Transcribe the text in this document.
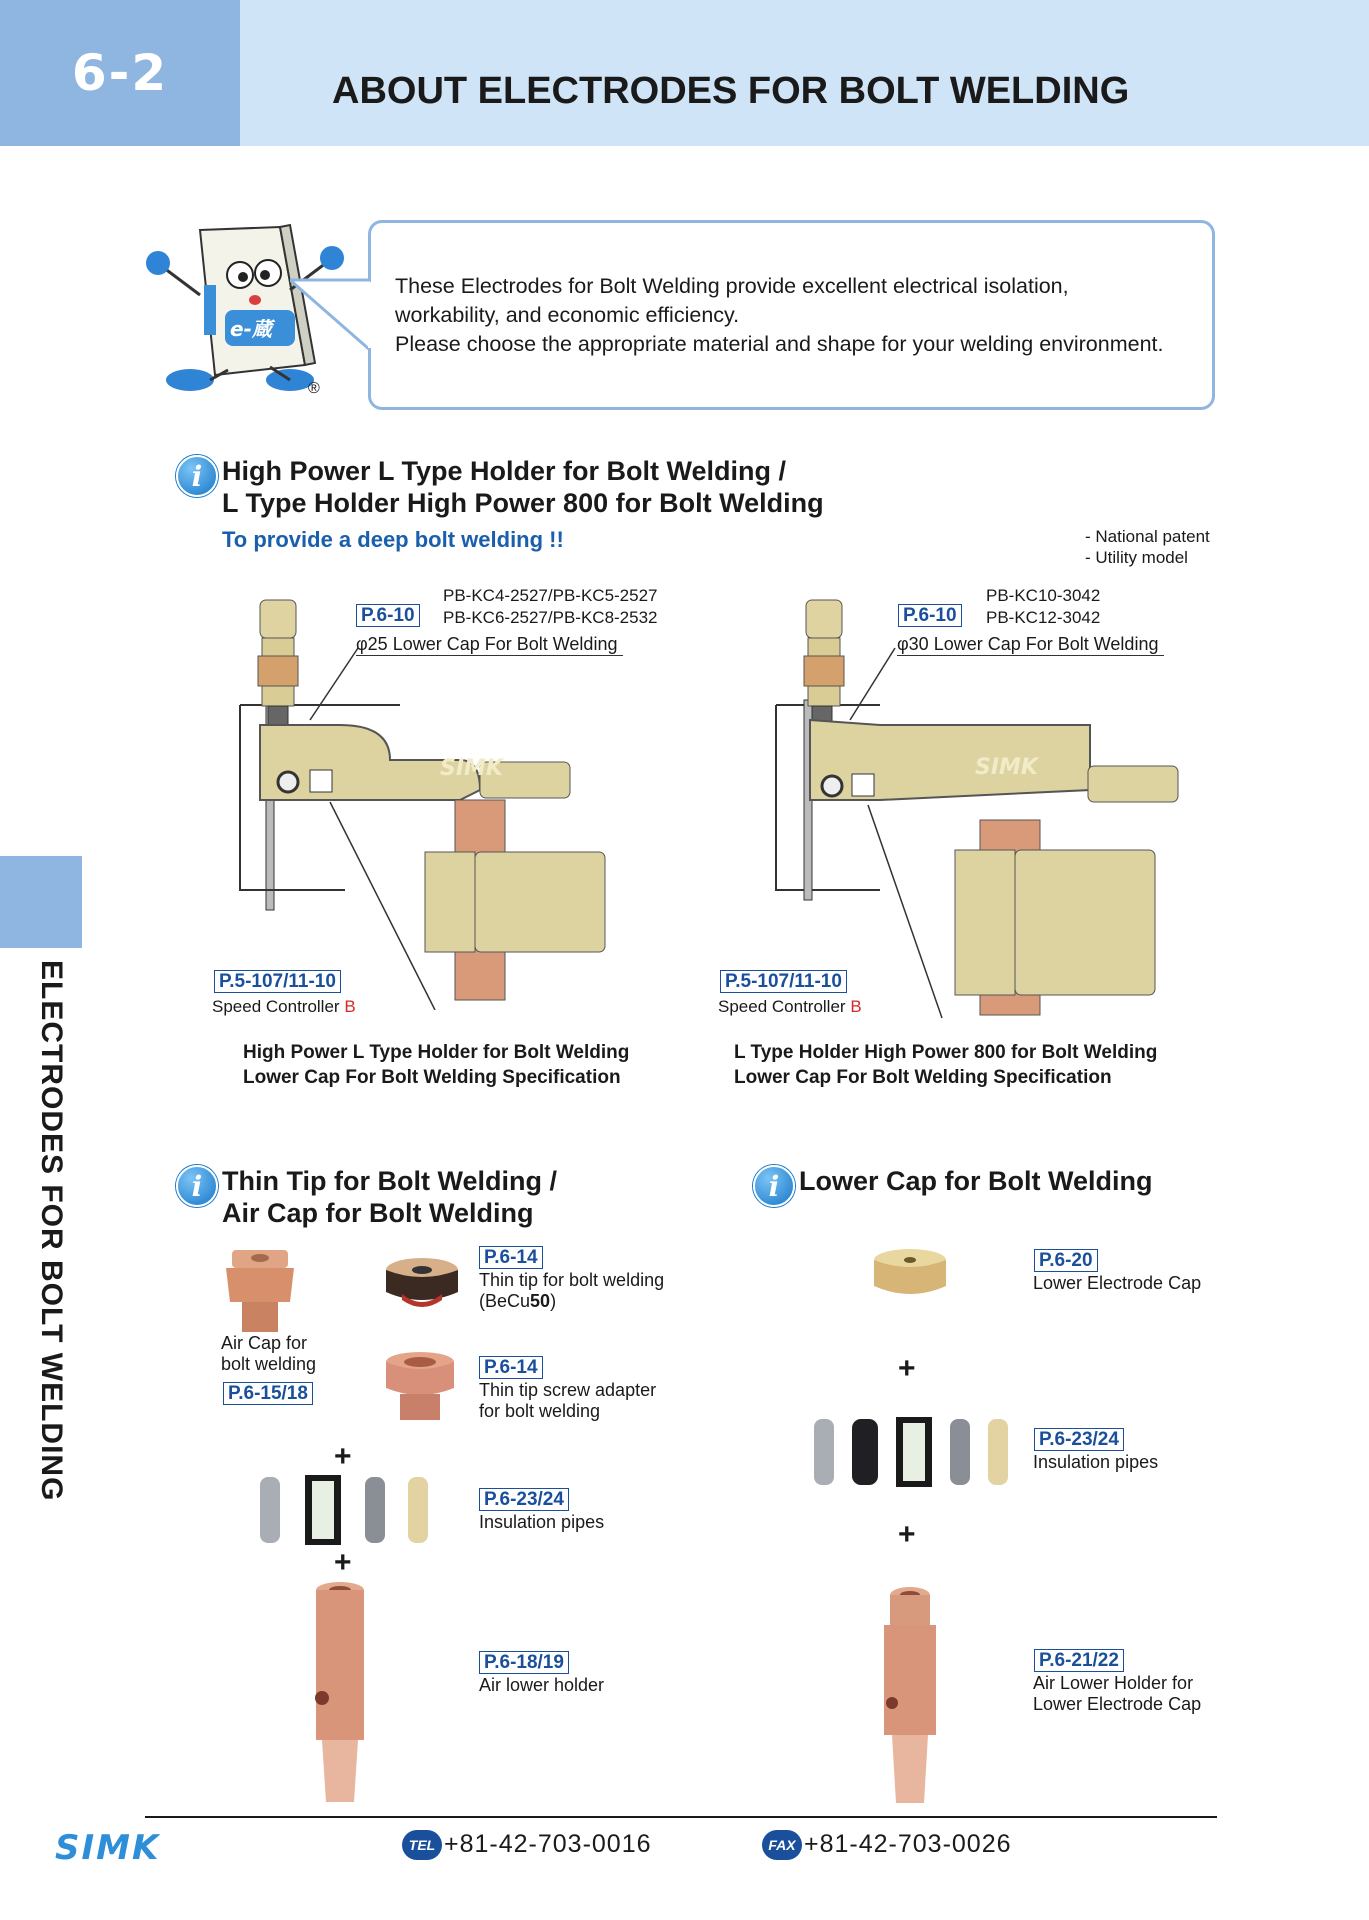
6-2	ABOUT ELECTRODES FOR BOLT WELDING
e-蔵
®
These Electrodes for Bolt Welding provide excellent electrical isolation,
workability, and economic efficiency.
Please choose the appropriate material and shape for your welding environment.
i High Power L Type Holder for Bolt Welding /
L Type Holder High Power 800 for Bolt Welding
To provide a deep bolt welding !!	- National patent
- Utility model
SIMK
P.6-10
PB-KC4-2527/PB-KC5-2527
PB-KC6-2527/PB-KC8-2532
φ25 Lower Cap For Bolt Welding
P.5-107/11-10
Speed Controller B
High Power L Type Holder for Bolt Welding
Lower Cap For Bolt Welding Specification
SIMK
P.6-10
PB-KC10-3042
PB-KC12-3042
φ30 Lower Cap For Bolt Welding
P.5-107/11-10
Speed Controller B
L Type Holder High Power 800 for Bolt Welding
Lower Cap For Bolt Welding Specification
ELECTRODES FOR BOLT WELDING	i Thin Tip for Bolt Welding /
Air Cap for Bolt Welding
Air Cap for
bolt welding
P.6-15/18
P.6-14
Thin tip for bolt welding
(BeCu50)
P.6-14
Thin tip screw adapter
for bolt welding
+
P.6-23/24
Insulation pipes
+
P.6-18/19
Air lower holder
i Lower Cap for Bolt Welding
P.6-20
Lower Electrode Cap
+
P.6-23/24
Insulation pipes
+
P.6-21/22
Air Lower Holder for
Lower Electrode Cap
SIMK	TEL +81-42-703-0016	FAX +81-42-703-0026
